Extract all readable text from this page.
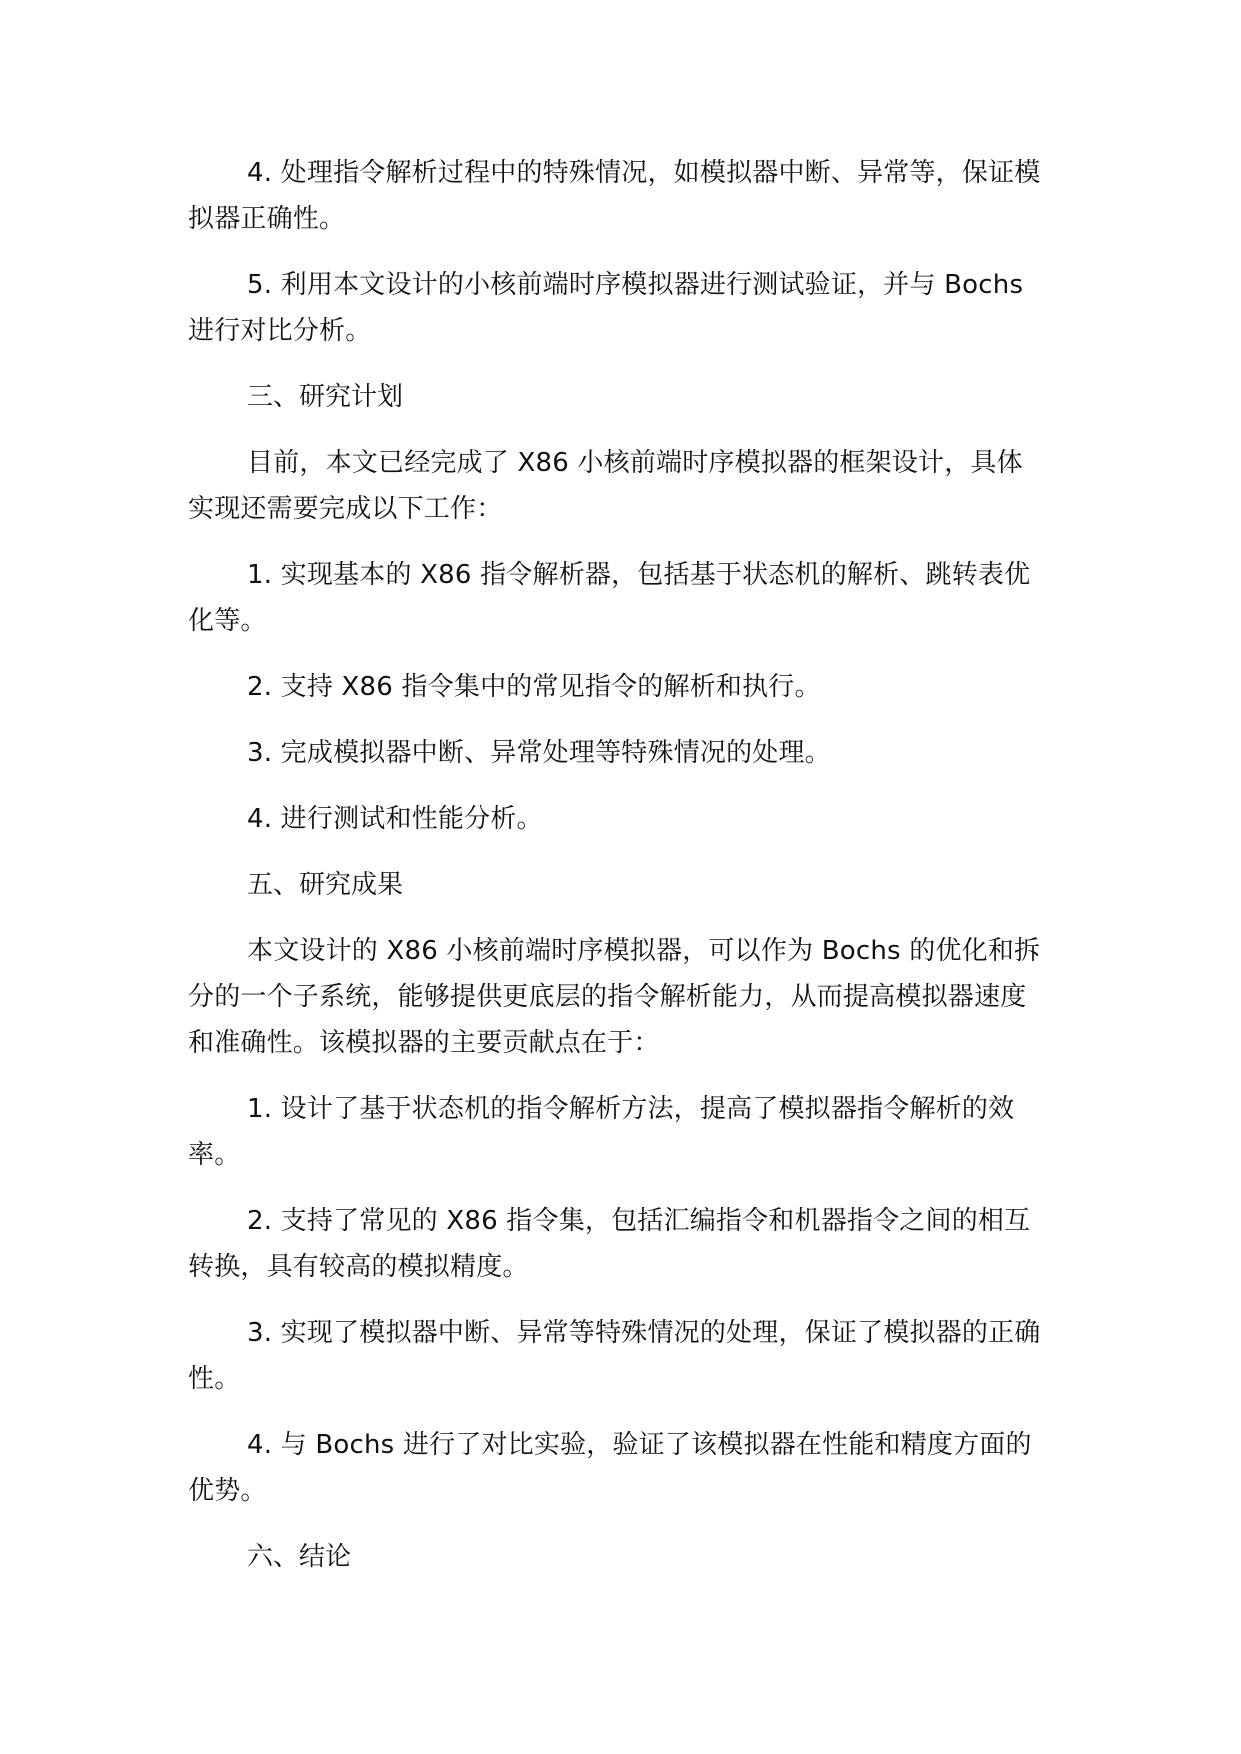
4. 处理指令解析过程中的特殊情况，如模拟器中断、异常等，保证模拟器正确性。

5. 利用本文设计的小核前端时序模拟器进行测试验证，并与 Bochs 进行对比分析。

三、研究计划

目前，本文已经完成了 X86 小核前端时序模拟器的框架设计，具体实现还需要完成以下工作：

1. 实现基本的 X86 指令解析器，包括基于状态机的解析、跳转表优化等。

2. 支持 X86 指令集中的常见指令的解析和执行。

3. 完成模拟器中断、异常处理等特殊情况的处理。

4. 进行测试和性能分析。

五、研究成果

本文设计的 X86 小核前端时序模拟器，可以作为 Bochs 的优化和拆分的一个子系统，能够提供更底层的指令解析能力，从而提高模拟器速度和准确性。该模拟器的主要贡献点在于：

1. 设计了基于状态机的指令解析方法，提高了模拟器指令解析的效率。

2. 支持了常见的 X86 指令集，包括汇编指令和机器指令之间的相互转换，具有较高的模拟精度。

3. 实现了模拟器中断、异常等特殊情况的处理，保证了模拟器的正确性。

4. 与 Bochs 进行了对比实验，验证了该模拟器在性能和精度方面的优势。

六、结论
